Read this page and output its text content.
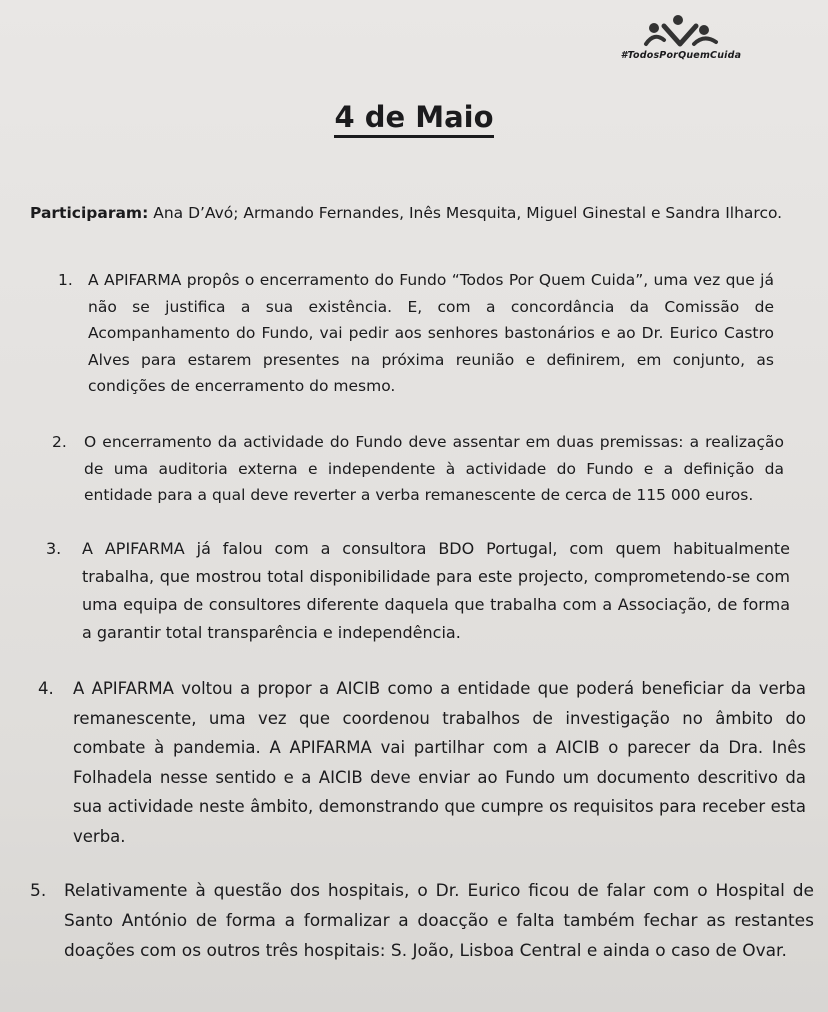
#TodosPorQuemCuida
4 de Maio
Participaram: Ana D’Avó; Armando Fernandes, Inês Mesquita, Miguel Ginestal e Sandra Ilharco.
1. A APIFARMA propôs o encerramento do Fundo “Todos Por Quem Cuida”, uma vez que já não se justifica a sua existência. E, com a concordância da Comissão de Acompanhamento do Fundo, vai pedir aos senhores bastonários e ao Dr. Eurico Castro Alves para estarem presentes na próxima reunião e definirem, em conjunto, as condições de encerramento do mesmo.
2. O encerramento da actividade do Fundo deve assentar em duas premissas: a realização de uma auditoria externa e independente à actividade do Fundo e a definição da entidade para a qual deve reverter a verba remanescente de cerca de 115 000 euros.
3. A APIFARMA já falou com a consultora BDO Portugal, com quem habitualmente trabalha, que mostrou total disponibilidade para este projecto, comprometendo-se com uma equipa de consultores diferente daquela que trabalha com a Associação, de forma a garantir total transparência e independência.
4. A APIFARMA voltou a propor a AICIB como a entidade que poderá beneficiar da verba remanescente, uma vez que coordenou trabalhos de investigação no âmbito do combate à pandemia. A APIFARMA vai partilhar com a AICIB o parecer da Dra. Inês Folhadela nesse sentido e a AICIB deve enviar ao Fundo um documento descritivo da sua actividade neste âmbito, demonstrando que cumpre os requisitos para receber esta verba.
5. Relativamente à questão dos hospitais, o Dr. Eurico ficou de falar com o Hospital de Santo António de forma a formalizar a doacção e falta também fechar as restantes doações com os outros três hospitais: S. João, Lisboa Central e ainda o caso de Ovar.
